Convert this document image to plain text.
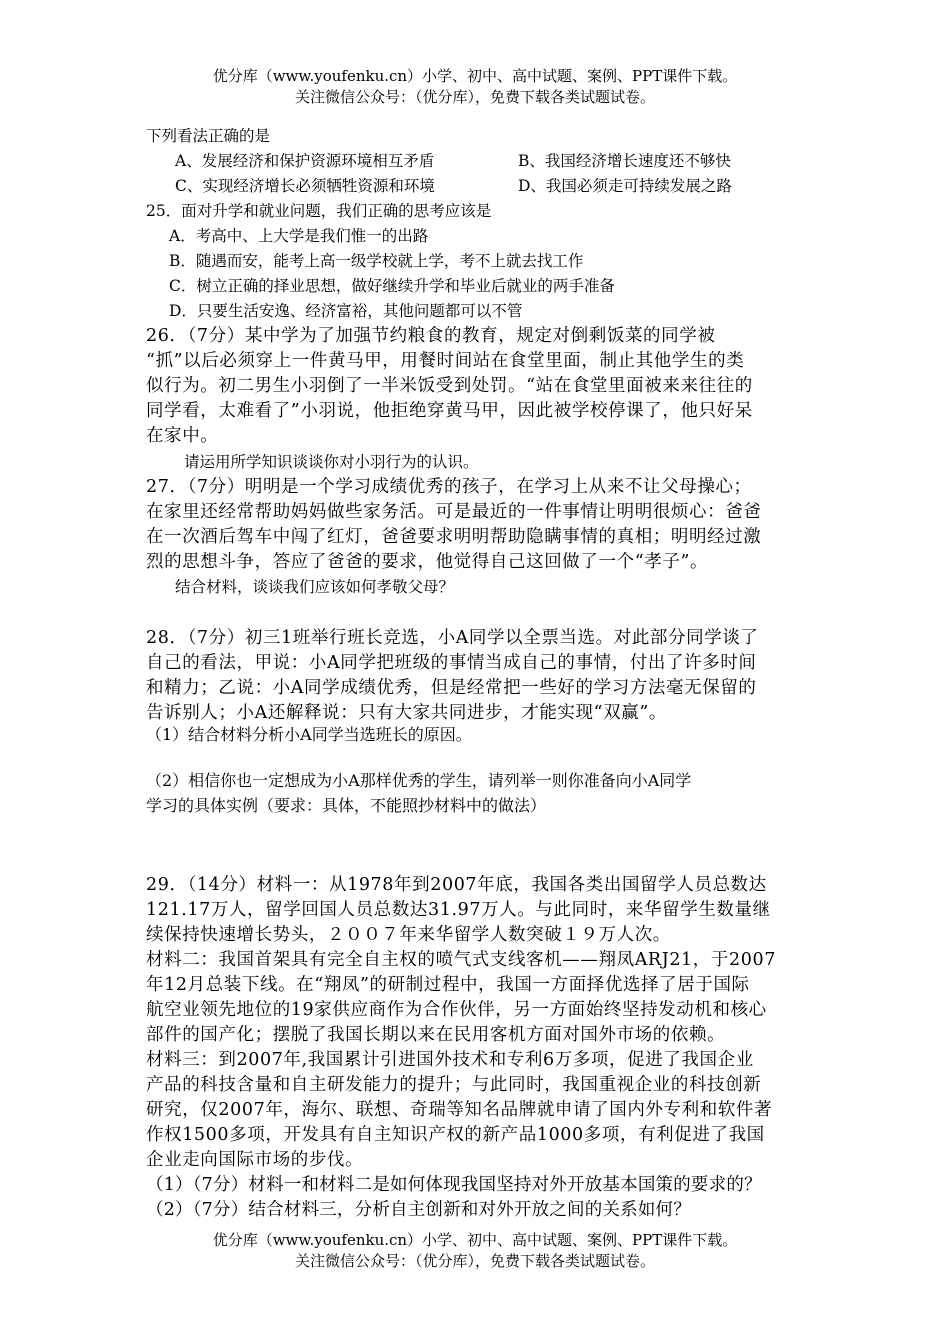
优分库（www.youfenku.cn）小学、初中、高中试题、案例、PPT课件下载。
关注微信公众号：（优分库），免费下载各类试题试卷。
下列看法正确的是
A、发展经济和保护资源环境相互矛盾	B、我国经济增长速度还不够快
C、实现经济增长必须牺牲资源和环境	D、我国必须走可持续发展之路
25．面对升学和就业问题，我们正确的思考应该是
A．考高中、上大学是我们惟一的出路
B．随遇而安，能考上高一级学校就上学，考不上就去找工作
C．树立正确的择业思想，做好继续升学和毕业后就业的两手准备
D．只要生活安逸、经济富裕，其他问题都可以不管
26．（7分）某中学为了加强节约粮食的教育，规定对倒剩饭菜的同学被
“抓”以后必须穿上一件黄马甲，用餐时间站在食堂里面，制止其他学生的类
似行为。初二男生小羽倒了一半米饭受到处罚。“站在食堂里面被来来往往的
同学看，太难看了”小羽说，他拒绝穿黄马甲，因此被学校停课了，他只好呆
在家中。
请运用所学知识谈谈你对小羽行为的认识。
27．（7分）明明是一个学习成绩优秀的孩子，在学习上从来不让父母操心；
在家里还经常帮助妈妈做些家务活。可是最近的一件事情让明明很烦心：爸爸
在一次酒后驾车中闯了红灯，爸爸要求明明帮助隐瞒事情的真相；明明经过激
烈的思想斗争，答应了爸爸的要求，他觉得自己这回做了一个“孝子”。
结合材料，谈谈我们应该如何孝敬父母？
28．（7分）初三1班举行班长竞选，小A同学以全票当选。对此部分同学谈了
自己的看法，甲说：小A同学把班级的事情当成自己的事情，付出了许多时间
和精力；乙说：小A同学成绩优秀，但是经常把一些好的学习方法毫无保留的
告诉别人；小A还解释说：只有大家共同进步，才能实现“双赢”。
（1）结合材料分析小A同学当选班长的原因。
（2）相信你也一定想成为小A那样优秀的学生，请列举一则你准备向小A同学
学习的具体实例（要求：具体，不能照抄材料中的做法）
29．（14分）材料一：从1978年到2007年底，我国各类出国留学人员总数达
121.17万人，留学回国人员总数达31.97万人。与此同时，来华留学生数量继
续保持快速增长势头，２００７年来华留学人数突破１９万人次。
材料二：我国首架具有完全自主权的喷气式支线客机——翔凤ARJ21，于2007
年12月总装下线。在“翔凤”的研制过程中，我国一方面择优选择了居于国际
航空业领先地位的19家供应商作为合作伙伴，另一方面始终坚持发动机和核心
部件的国产化；摆脱了我国长期以来在民用客机方面对国外市场的依赖。
材料三：到2007年,我国累计引进国外技术和专利6万多项，促进了我国企业
产品的科技含量和自主研发能力的提升；与此同时，我国重视企业的科技创新
研究，仅2007年，海尔、联想、奇瑞等知名品牌就申请了国内外专利和软件著
作权1500多项，开发具有自主知识产权的新产品1000多项，有利促进了我国
企业走向国际市场的步伐。
（1）（7分）材料一和材料二是如何体现我国坚持对外开放基本国策的要求的？
（2）（7分）结合材料三，分析自主创新和对外开放之间的关系如何？
优分库（www.youfenku.cn）小学、初中、高中试题、案例、PPT课件下载。
关注微信公众号：（优分库），免费下载各类试题试卷。
